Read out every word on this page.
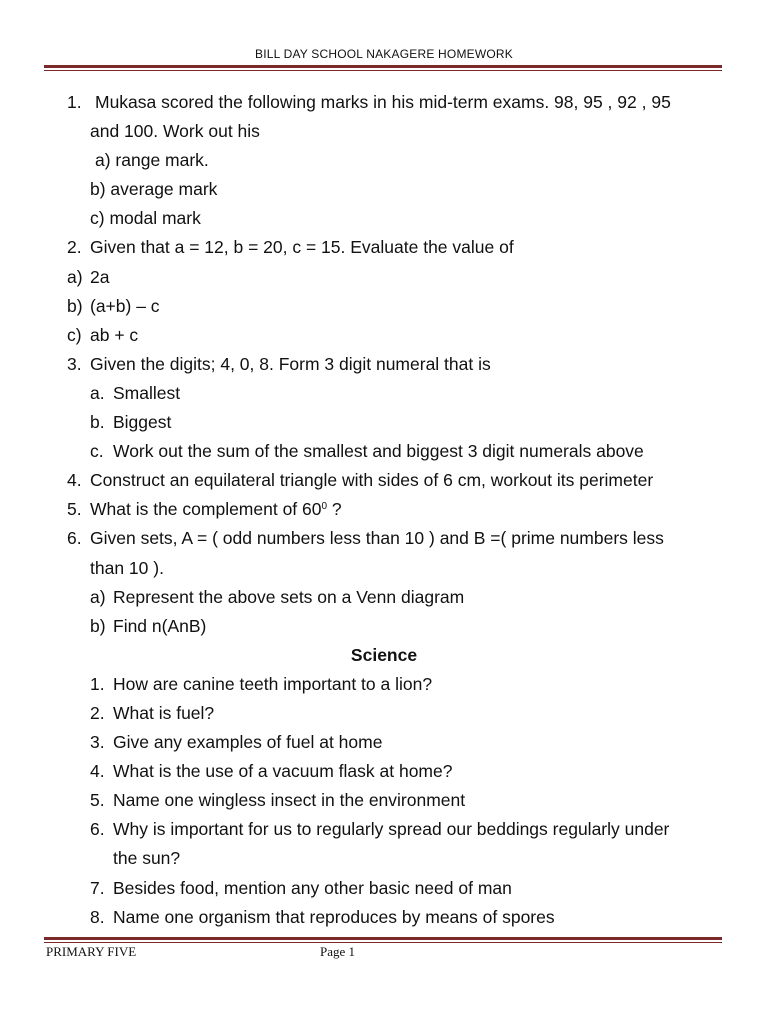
BILL DAY SCHOOL NAKAGERE HOMEWORK
1. Mukasa scored the following marks in his mid-term exams. 98, 95 , 92 , 95
and 100. Work out his
a) range mark.
b) average mark
c) modal mark
2. Given that a = 12, b = 20, c = 15. Evaluate the value of
a) 2a
b) (a+b) – c
c) ab + c
3. Given the digits; 4, 0, 8. Form 3 digit numeral that is
a. Smallest
b. Biggest
c. Work out the sum of the smallest and biggest 3 digit numerals above
4. Construct an equilateral triangle with sides of 6 cm, workout its perimeter
5. What is the complement of $60^0$ ?
6. Given sets, A = ( odd numbers less than 10 ) and B =( prime numbers less
than 10 ).
a) Represent the above sets on a Venn diagram
b) Find n(AnB)
Science
1. How are canine teeth important to a lion?
2. What is fuel?
3. Give any examples of fuel at home
4. What is the use of a vacuum flask at home?
5. Name one wingless insect in the environment
6. Why is important for us to regularly spread our beddings regularly under
the sun?
7. Besides food, mention any other basic need of man
8. Name one organism that reproduces by means of spores
PRIMARY FIVE	Page 1
